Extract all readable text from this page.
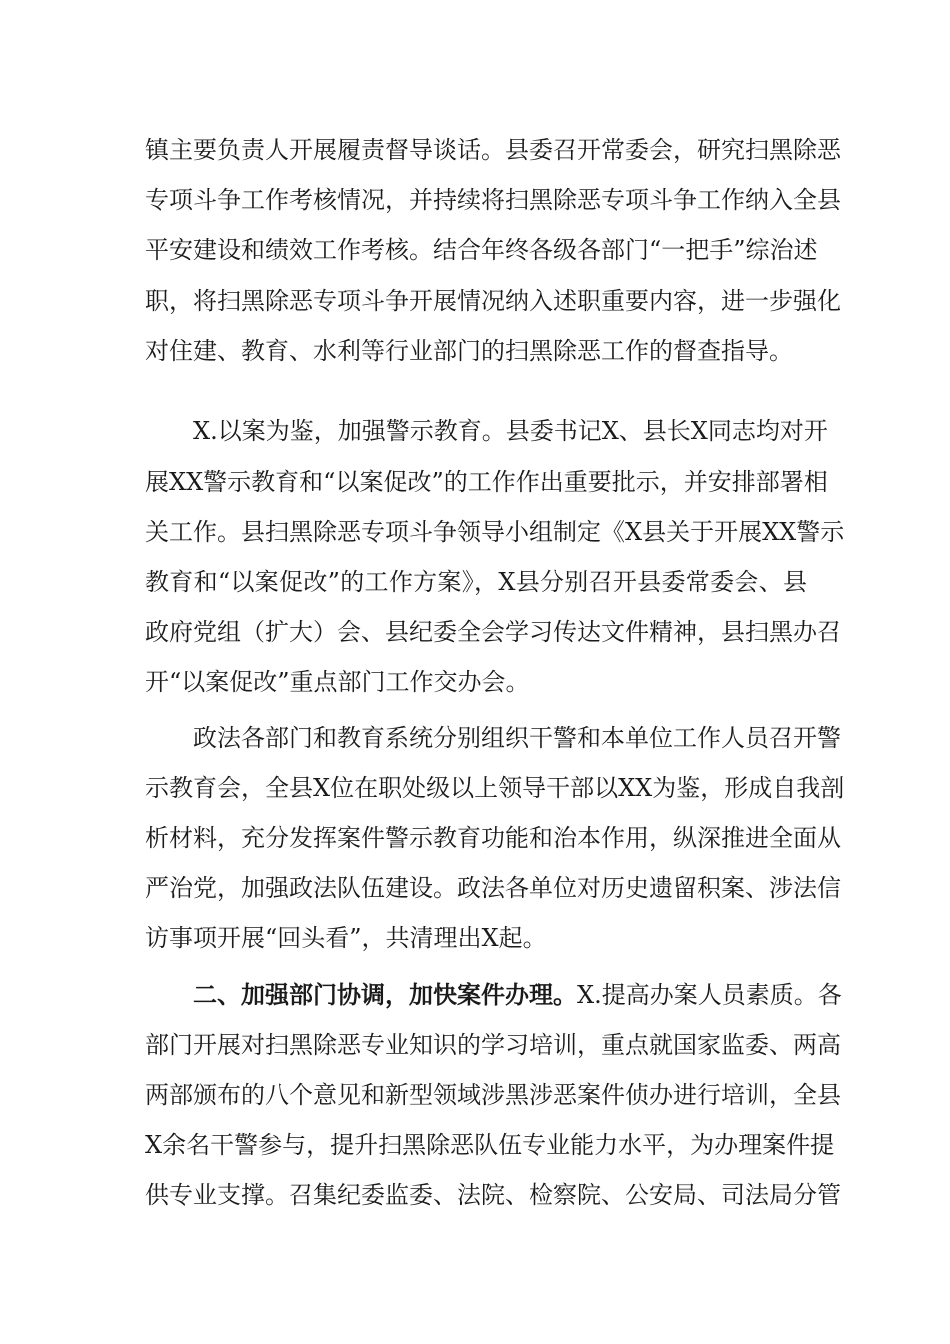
镇主要负责人开展履责督导谈话。县委召开常委会，研究扫黑除恶
专项斗争工作考核情况，并持续将扫黑除恶专项斗争工作纳入全县
平安建设和绩效工作考核。结合年终各级各部门“一把手”综治述
职，将扫黑除恶专项斗争开展情况纳入述职重要内容，进一步强化
对住建、教育、水利等行业部门的扫黑除恶工作的督查指导。
X.以案为鉴，加强警示教育。县委书记X、县长X同志均对开
展XX警示教育和“以案促改”的工作作出重要批示，并安排部署相
关工作。县扫黑除恶专项斗争领导小组制定《X县关于开展XX警示
教育和“以案促改”的工作方案》，X县分别召开县委常委会、县
政府党组（扩大）会、县纪委全会学习传达文件精神，县扫黑办召
开“以案促改”重点部门工作交办会。
政法各部门和教育系统分别组织干警和本单位工作人员召开警
示教育会，全县X位在职处级以上领导干部以XX为鉴，形成自我剖
析材料，充分发挥案件警示教育功能和治本作用，纵深推进全面从
严治党，加强政法队伍建设。政法各单位对历史遗留积案、涉法信
访事项开展“回头看”，共清理出X起。
二、加强部门协调，加快案件办理。X.提高办案人员素质。各
部门开展对扫黑除恶专业知识的学习培训，重点就国家监委、两高
两部颁布的八个意见和新型领域涉黑涉恶案件侦办进行培训，全县
X余名干警参与，提升扫黑除恶队伍专业能力水平，为办理案件提
供专业支撑。召集纪委监委、法院、检察院、公安局、司法局分管
